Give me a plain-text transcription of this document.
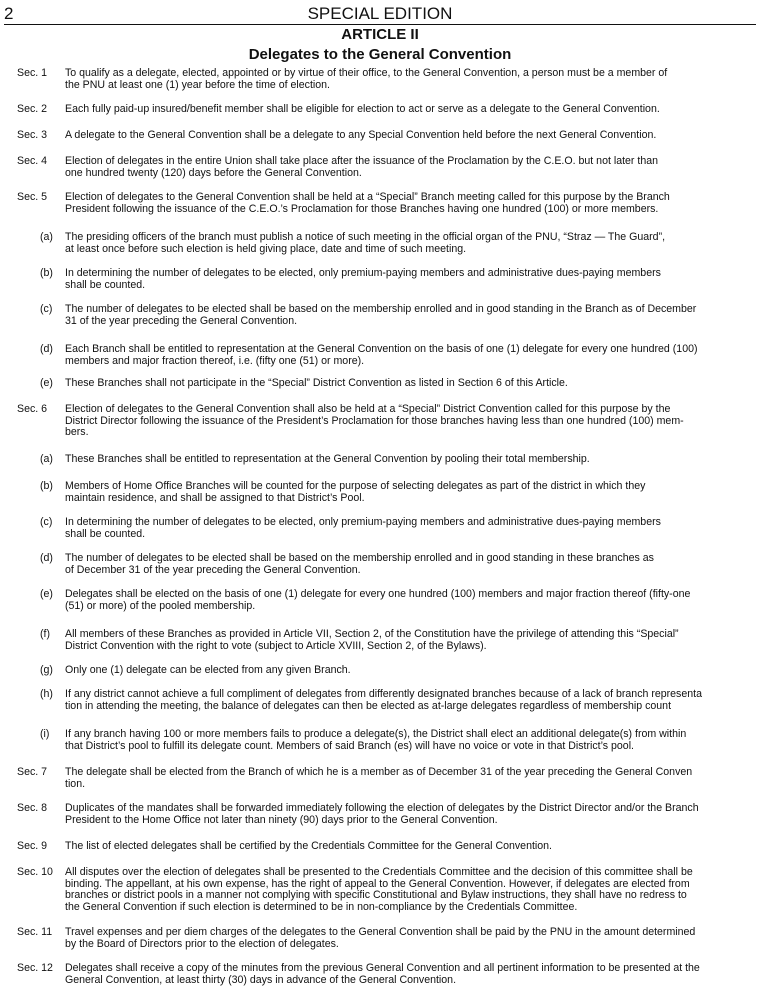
2	SPECIAL EDITION
ARTICLE II
Delegates to the General Convention
Sec. 1 To qualify as a delegate, elected, appointed or by virtue of their office, to the General Convention, a person must be a member of
the PNU at least one (1) year before the time of election.
Sec. 2 Each fully paid-up insured/benefit member shall be eligible for election to act or serve as a delegate to the General Convention.
Sec. 3 A delegate to the General Convention shall be a delegate to any Special Convention held before the next General Convention.
Sec. 4 Election of delegates in the entire Union shall take place after the issuance of the Proclamation by the C.E.O. but not later than
one hundred twenty (120) days before the General Convention.
Sec. 5 Election of delegates to the General Convention shall be held at a “Special” Branch meeting called for this purpose by the Branch
President following the issuance of the C.E.O.’s Proclamation for those Branches having one hundred (100) or more members.
(a) The presiding officers of the branch must publish a notice of such meeting in the official organ of the PNU, “Straz — The Guard”,
at least once before such election is held giving place, date and time of such meeting.
(b) In determining the number of delegates to be elected, only premium-paying members and administrative dues-paying members
shall be counted.
(c) The number of delegates to be elected shall be based on the membership enrolled and in good standing in the Branch as of December
31 of the year preceding the General Convention.
(d) Each Branch shall be entitled to representation at the General Convention on the basis of one (1) delegate for every one hundred (100)
members and major fraction thereof, i.e. (fifty one (51) or more).
(e) These Branches shall not participate in the “Special” District Convention as listed in Section 6 of this Article.
Sec. 6 Election of delegates to the General Convention shall also be held at a “Special” District Convention called for this purpose by the
District Director following the issuance of the President’s Proclamation for those branches having less than one hundred (100) mem-
bers.
(a) These Branches shall be entitled to representation at the General Convention by pooling their total membership.
(b) Members of Home Office Branches will be counted for the purpose of selecting delegates as part of the district in which they
maintain residence, and shall be assigned to that District’s Pool.
(c) In determining the number of delegates to be elected, only premium-paying members and administrative dues-paying members
shall be counted.
(d) The number of delegates to be elected shall be based on the membership enrolled and in good standing in these branches as
of December 31 of the year preceding the General Convention.
(e) Delegates shall be elected on the basis of one (1) delegate for every one hundred (100) members and major fraction thereof (fifty-one
(51) or more) of the pooled membership.
(f) All members of these Branches as provided in Article VII, Section 2, of the Constitution have the privilege of attending this “Special”
District Convention with the right to vote (subject to Article XVIII, Section 2, of the Bylaws).
(g) Only one (1) delegate can be elected from any given Branch.
(h) If any district cannot achieve a full compliment of delegates from differently designated branches because of a lack of branch representa
tion in attending the meeting, the balance of delegates can then be elected as at-large delegates regardless of membership count
(i) If any branch having 100 or more members fails to produce a delegate(s), the District shall elect an additional delegate(s) from within
that District’s pool to fulfill its delegate count. Members of said Branch (es) will have no voice or vote in that District’s pool.
Sec. 7 The delegate shall be elected from the Branch of which he is a member as of December 31 of the year preceding the General Conven
tion.
Sec. 8 Duplicates of the mandates shall be forwarded immediately following the election of delegates by the District Director and/or the Branch
President to the Home Office not later than ninety (90) days prior to the General Convention.
Sec. 9 The list of elected delegates shall be certified by the Credentials Committee for the General Convention.
Sec. 10 All disputes over the election of delegates shall be presented to the Credentials Committee and the decision of this committee shall be
binding. The appellant, at his own expense, has the right of appeal to the General Convention. However, if delegates are elected from
branches or district pools in a manner not complying with specific Constitutional and Bylaw instructions, they shall have no redress to
the General Convention if such election is determined to be in non-compliance by the Credentials Committee.
Sec. 11 Travel expenses and per diem charges of the delegates to the General Convention shall be paid by the PNU in the amount determined
by the Board of Directors prior to the election of delegates.
Sec. 12 Delegates shall receive a copy of the minutes from the previous General Convention and all pertinent information to be presented at the
General Convention, at least thirty (30) days in advance of the General Convention.
